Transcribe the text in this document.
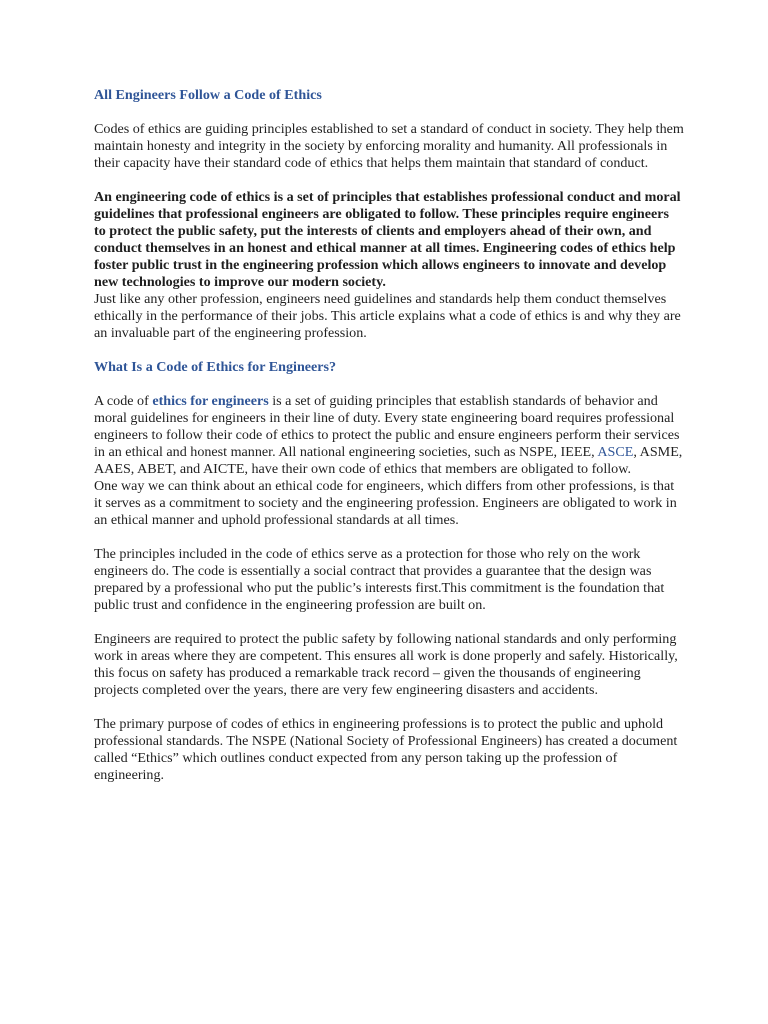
All Engineers Follow a Code of Ethics

Codes of ethics are guiding principles established to set a standard of conduct in society. They help them maintain honesty and integrity in the society by enforcing morality and humanity. All professionals in their capacity have their standard code of ethics that helps them maintain that standard of conduct.

An engineering code of ethics is a set of principles that establishes professional conduct and moral guidelines that professional engineers are obligated to follow. These principles require engineers to protect the public safety, put the interests of clients and employers ahead of their own, and conduct themselves in an honest and ethical manner at all times. Engineering codes of ethics help foster public trust in the engineering profession which allows engineers to innovate and develop new technologies to improve our modern society.

Just like any other profession, engineers need guidelines and standards help them conduct themselves ethically in the performance of their jobs. This article explains what a code of ethics is and why they are an invaluable part of the engineering profession.

What Is a Code of Ethics for Engineers?

A code of ethics for engineers is a set of guiding principles that establish standards of behavior and moral guidelines for engineers in their line of duty. Every state engineering board requires professional engineers to follow their code of ethics to protect the public and ensure engineers perform their services in an ethical and honest manner. All national engineering societies, such as NSPE, IEEE, ASCE, ASME, AAES, ABET, and AICTE, have their own code of ethics that members are obligated to follow.

One way we can think about an ethical code for engineers, which differs from other professions, is that it serves as a commitment to society and the engineering profession. Engineers are obligated to work in an ethical manner and uphold professional standards at all times.

The principles included in the code of ethics serve as a protection for those who rely on the work engineers do. The code is essentially a social contract that provides a guarantee that the design was prepared by a professional who put the public’s interests first.This commitment is the foundation that public trust and confidence in the engineering profession are built on.

Engineers are required to protect the public safety by following national standards and only performing work in areas where they are competent. This ensures all work is done properly and safely. Historically, this focus on safety has produced a remarkable track record – given the thousands of engineering projects completed over the years, there are very few engineering disasters and accidents.

The primary purpose of codes of ethics in engineering professions is to protect the public and uphold professional standards. The NSPE (National Society of Professional Engineers) has created a document called “Ethics” which outlines conduct expected from any person taking up the profession of engineering.
